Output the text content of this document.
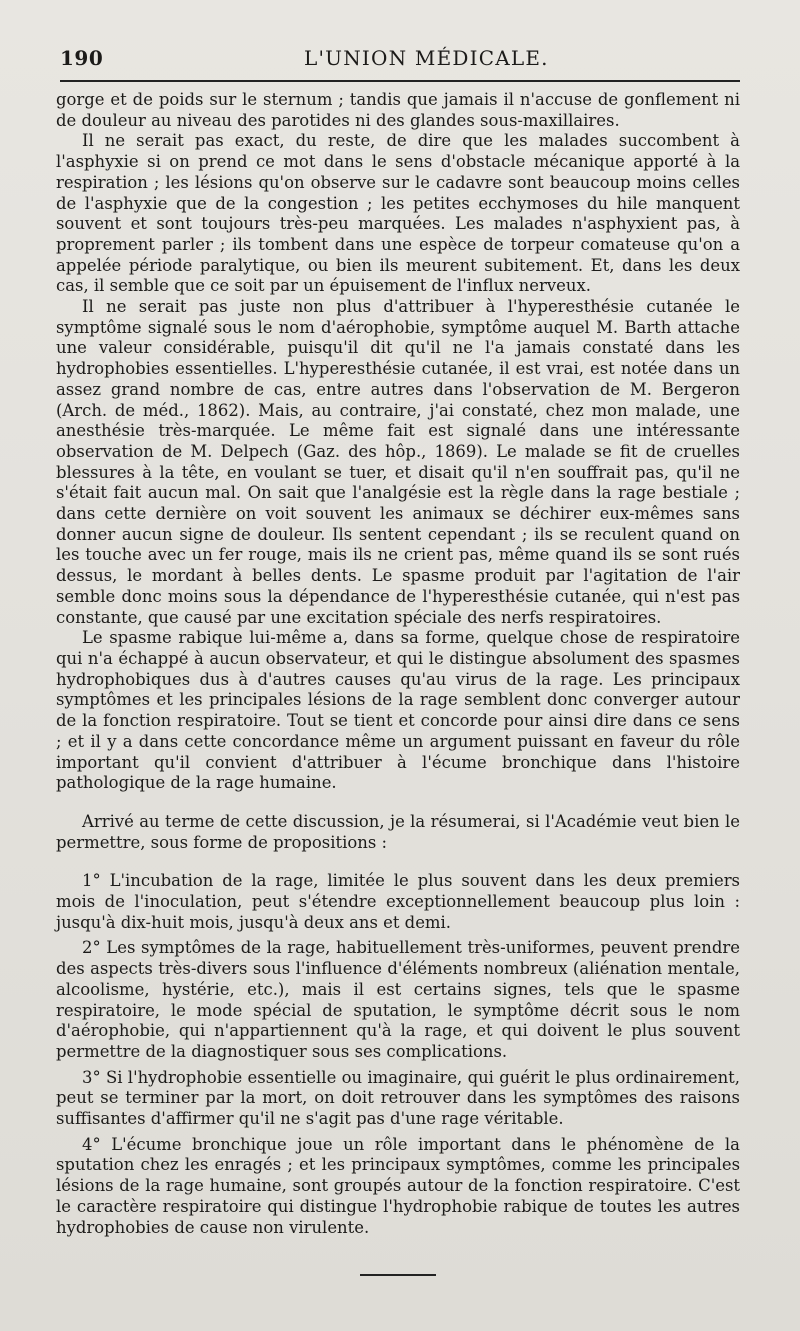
190	L'UNION MÉDICALE.

gorge et de poids sur le sternum ; tandis que jamais il n'accuse de gonflement ni de douleur au niveau des parotides ni des glandes sous-maxillaires.

Il ne serait pas exact, du reste, de dire que les malades succombent à l'asphyxie si on prend ce mot dans le sens d'obstacle mécanique apporté à la respiration ; les lésions qu'on observe sur le cadavre sont beaucoup moins celles de l'asphyxie que de la congestion ; les petites ecchymoses du hile manquent souvent et sont toujours très-peu marquées. Les malades n'asphyxient pas, à proprement parler ; ils tombent dans une espèce de torpeur comateuse qu'on a appelée période paralytique, ou bien ils meurent subitement. Et, dans les deux cas, il semble que ce soit par un épuisement de l'influx nerveux.

Il ne serait pas juste non plus d'attribuer à l'hyperesthésie cutanée le symptôme signalé sous le nom d'aérophobie, symptôme auquel M. Barth attache une valeur considérable, puisqu'il dit qu'il ne l'a jamais constaté dans les hydrophobies essentielles. L'hyperesthésie cutanée, il est vrai, est notée dans un assez grand nombre de cas, entre autres dans l'observation de M. Bergeron (Arch. de méd., 1862). Mais, au contraire, j'ai constaté, chez mon malade, une anesthésie très-marquée. Le même fait est signalé dans une intéressante observation de M. Delpech (Gaz. des hôp., 1869). Le malade se fit de cruelles blessures à la tête, en voulant se tuer, et disait qu'il n'en souffrait pas, qu'il ne s'était fait aucun mal. On sait que l'analgésie est la règle dans la rage bestiale ; dans cette dernière on voit souvent les animaux se déchirer eux-mêmes sans donner aucun signe de douleur. Ils sentent cependant ; ils se reculent quand on les touche avec un fer rouge, mais ils ne crient pas, même quand ils se sont rués dessus, le mordant à belles dents. Le spasme produit par l'agitation de l'air semble donc moins sous la dépendance de l'hyperesthésie cutanée, qui n'est pas constante, que causé par une excitation spéciale des nerfs respiratoires.

Le spasme rabique lui-même a, dans sa forme, quelque chose de respiratoire qui n'a échappé à aucun observateur, et qui le distingue absolument des spasmes hydrophobiques dus à d'autres causes qu'au virus de la rage. Les principaux symptômes et les principales lésions de la rage semblent donc converger autour de la fonction respiratoire. Tout se tient et concorde pour ainsi dire dans ce sens ; et il y a dans cette concordance même un argument puissant en faveur du rôle important qu'il convient d'attribuer à l'écume bronchique dans l'histoire pathologique de la rage humaine.

Arrivé au terme de cette discussion, je la résumerai, si l'Académie veut bien le permettre, sous forme de propositions :

1° L'incubation de la rage, limitée le plus souvent dans les deux premiers mois de l'inoculation, peut s'étendre exceptionnellement beaucoup plus loin : jusqu'à dix-huit mois, jusqu'à deux ans et demi.

2° Les symptômes de la rage, habituellement très-uniformes, peuvent prendre des aspects très-divers sous l'influence d'éléments nombreux (aliénation mentale, alcoolisme, hystérie, etc.), mais il est certains signes, tels que le spasme respiratoire, le mode spécial de sputation, le symptôme décrit sous le nom d'aérophobie, qui n'appartiennent qu'à la rage, et qui doivent le plus souvent permettre de la diagnostiquer sous ses complications.

3° Si l'hydrophobie essentielle ou imaginaire, qui guérit le plus ordinairement, peut se terminer par la mort, on doit retrouver dans les symptômes des raisons suffisantes d'affirmer qu'il ne s'agit pas d'une rage véritable.

4° L'écume bronchique joue un rôle important dans le phénomène de la sputation chez les enragés ; et les principaux symptômes, comme les principales lésions de la rage humaine, sont groupés autour de la fonction respiratoire. C'est le caractère respiratoire qui distingue l'hydrophobie rabique de toutes les autres hydrophobies de cause non virulente.
